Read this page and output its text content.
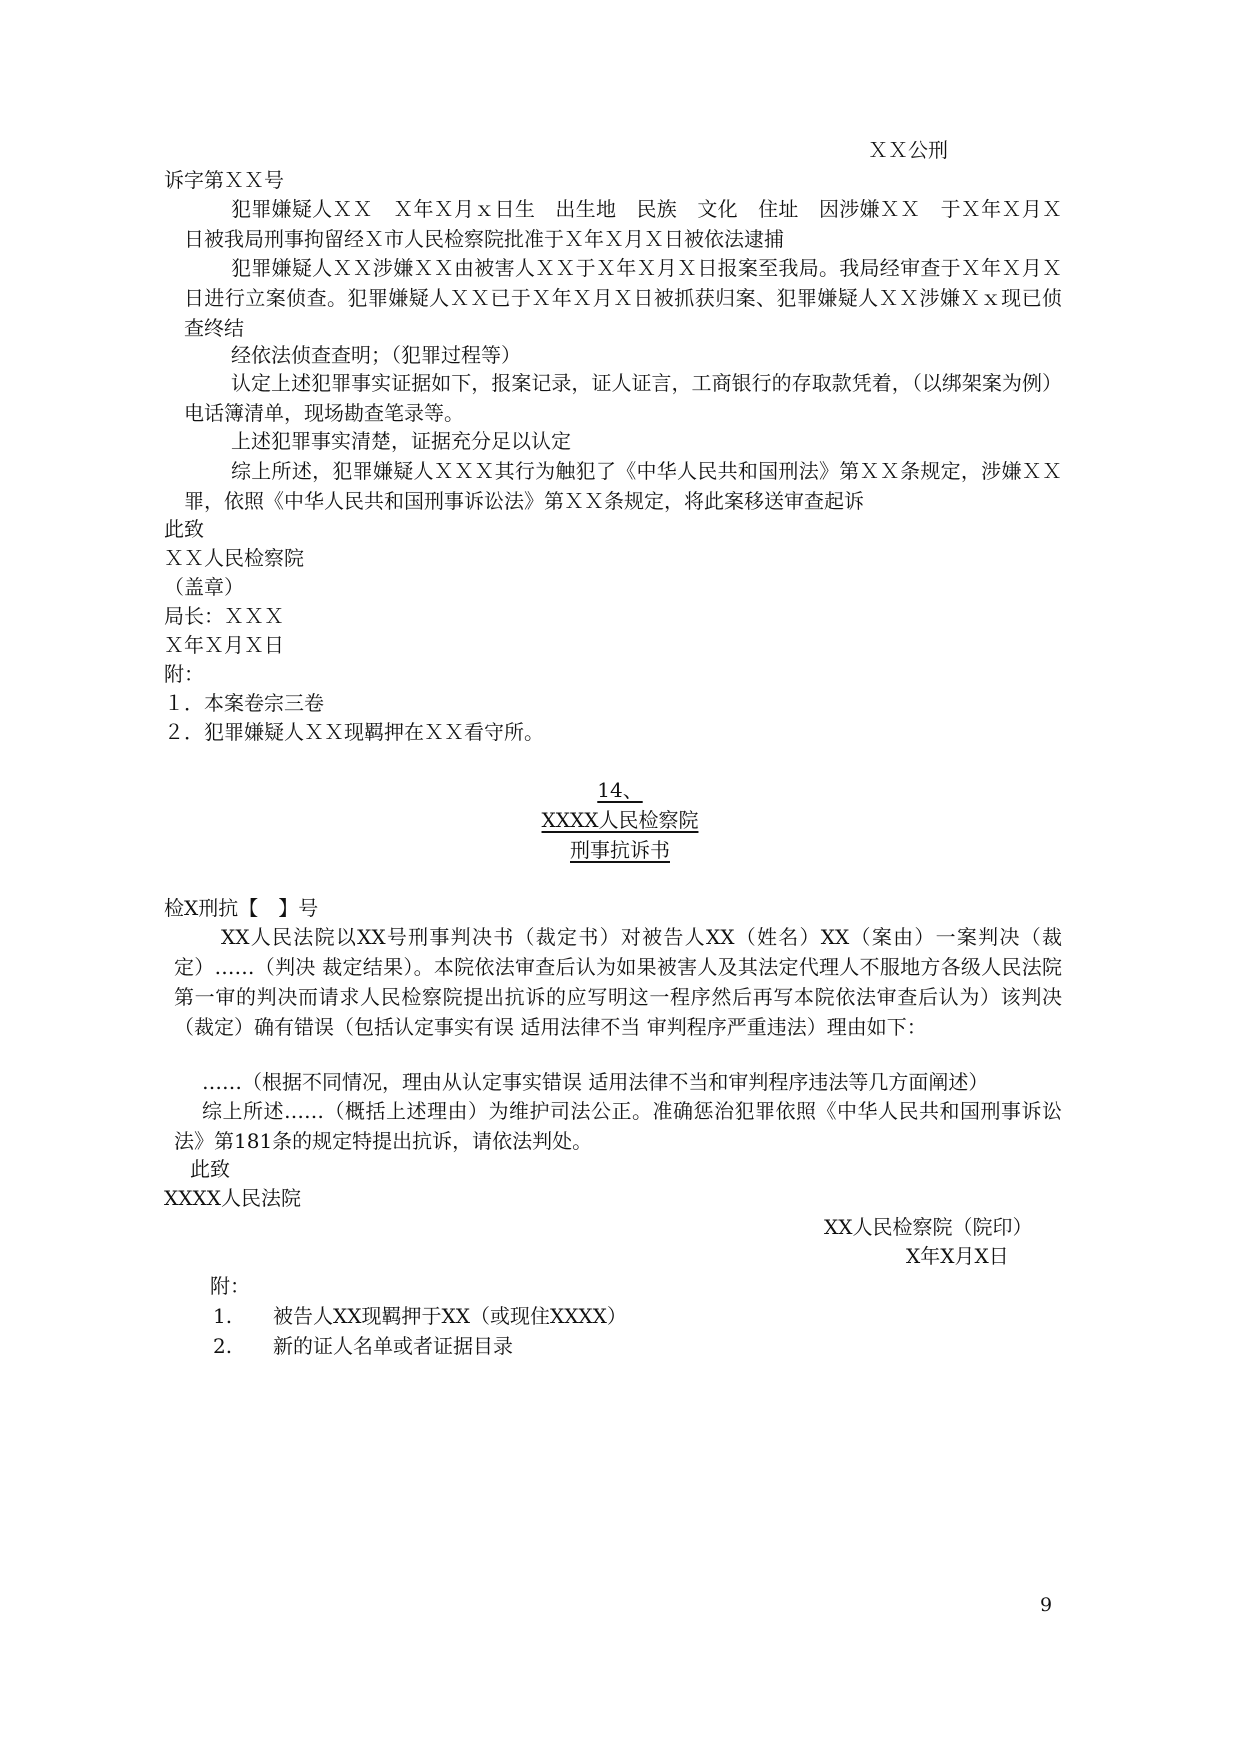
ＸＸ公刑
诉字第ＸＸ号
犯罪嫌疑人ＸＸ　Ｘ年Ｘ月ｘ日生　出生地　民族　文化　住址　因涉嫌ＸＸ　于Ｘ年Ｘ月Ｘ日被我局刑事拘留经Ｘ市人民检察院批准于Ｘ年Ｘ月Ｘ日被依法逮捕
犯罪嫌疑人ＸＸ涉嫌ＸＸ由被害人ＸＸ于Ｘ年Ｘ月Ｘ日报案至我局。我局经审查于Ｘ年Ｘ月Ｘ日进行立案侦查。犯罪嫌疑人ＸＸ已于Ｘ年Ｘ月Ｘ日被抓获归案、犯罪嫌疑人ＸＸ涉嫌Ｘｘ现已侦查终结
经依法侦查查明；（犯罪过程等）
认定上述犯罪事实证据如下，报案记录，证人证言，工商银行的存取款凭着，（以绑架案为例）电话簿清单，现场勘查笔录等。
上述犯罪事实清楚，证据充分足以认定
综上所述，犯罪嫌疑人ＸＸＸ其行为触犯了《中华人民共和国刑法》第ＸＸ条规定，涉嫌ＸＸ罪，依照《中华人民共和国刑事诉讼法》第ＸＸ条规定，将此案移送审查起诉
此致
ＸＸ人民检察院
（盖章）
局长：ＸＸＸ
Ｘ年Ｘ月Ｘ日
附：
１．本案卷宗三卷
２．犯罪嫌疑人ＸＸ现羁押在ＸＸ看守所。
14、
XXXX人民检察院
刑事抗诉书
检X刑抗【　】号
XX人民法院以XX号刑事判决书（裁定书）对被告人XX（姓名）XX（案由）一案判决（裁定）……（判决 裁定结果）。本院依法审查后认为如果被害人及其法定代理人不服地方各级人民法院第一审的判决而请求人民检察院提出抗诉的应写明这一程序然后再写本院依法审查后认为）该判决（裁定）确有错误（包括认定事实有误 适用法律不当 审判程序严重违法）理由如下：
……（根据不同情况，理由从认定事实错误 适用法律不当和审判程序违法等几方面阐述）
综上所述……（概括上述理由）为维护司法公正。准确惩治犯罪依照《中华人民共和国刑事诉讼法》第181条的规定特提出抗诉，请依法判处。
此致
XXXX人民法院
XX人民检察院（院印）
X年X月X日
附：
1. 被告人XX现羁押于XX（或现住XXXX）
2. 新的证人名单或者证据目录
9
